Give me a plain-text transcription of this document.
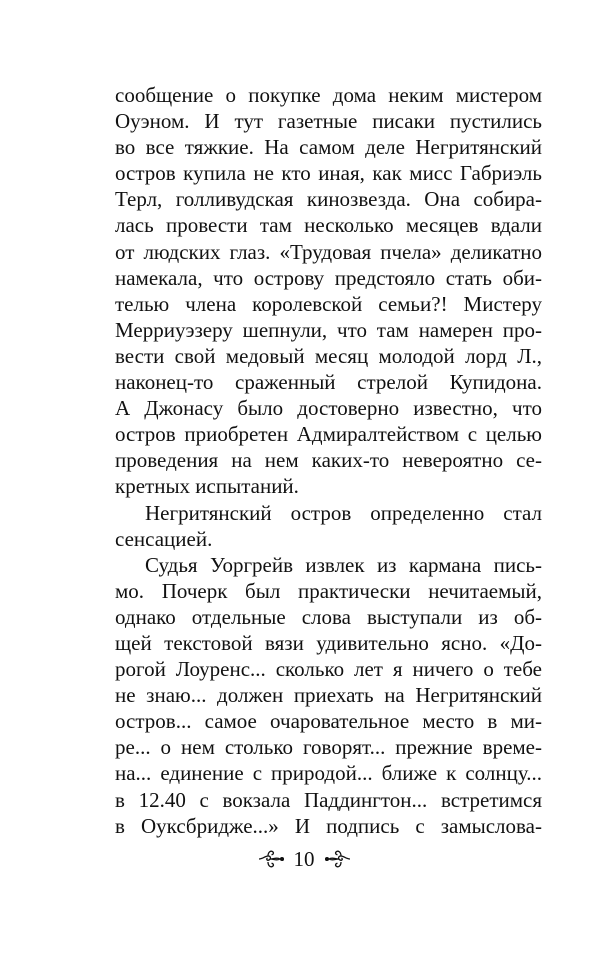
сообщение о покупке дома неким мистером
Оуэном. И тут газетные писаки пустились
во все тяжкие. На самом деле Негритянский
остров купила не кто иная, как мисс Габриэль
Терл, голливудская кинозвезда. Она собира-
лась провести там несколько месяцев вдали
от людских глаз. «Трудовая пчела» деликатно
намекала, что острову предстояло стать оби-
телью члена королевской семьи?! Мистеру
Мерриуэзеру шепнули, что там намерен про-
вести свой медовый месяц молодой лорд Л.,
наконец-то сраженный стрелой Купидона.
А Джонасу было достоверно известно, что
остров приобретен Адмиралтейством с целью
проведения на нем каких-то невероятно се-
кретных испытаний.
Негритянский остров определенно стал
сенсацией.
Судья Уоргрейв извлек из кармана пись-
мо. Почерк был практически нечитаемый,
однако отдельные слова выступали из об-
щей текстовой вязи удивительно ясно. «До-
рогой Лоуренс... сколько лет я ничего о тебе
не знаю... должен приехать на Негритянский
остров... самое очаровательное место в ми-
ре... о нем столько говорят... прежние време-
на... единение с природой... ближе к солнцу...
в 12.40 с вокзала Паддингтон... встретимся
в Оуксбридже...» И подпись с замыслова-
10
